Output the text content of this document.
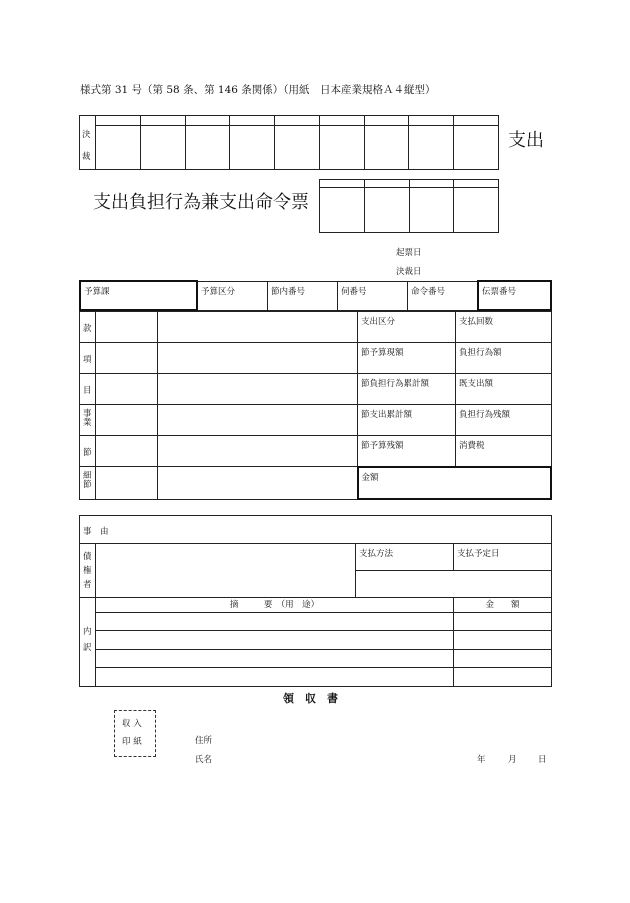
様式第 31 号（第 58 条、第 146 条関係）（用紙　日本産業規格Ａ４縦型）
決
裁									

支出
支出負担行為兼支出命令票

起票日
決裁日
予算課	予算区分	節内番号	伺番号	命令番号	伝票番号
款			支出区分	支払回数

項			節予算現額	負担行為額

目			節負担行為累計額	既支出額

事業			節支出累計額	負担行為残額

節			節予算残額	消費税

細節			金額	
事　由			

債権者		支払方法	支払予定日

内訳	摘　　　要　（用　途）		金　　額

領　収　書
収 入
印 紙	住所
氏名	年	月	日
